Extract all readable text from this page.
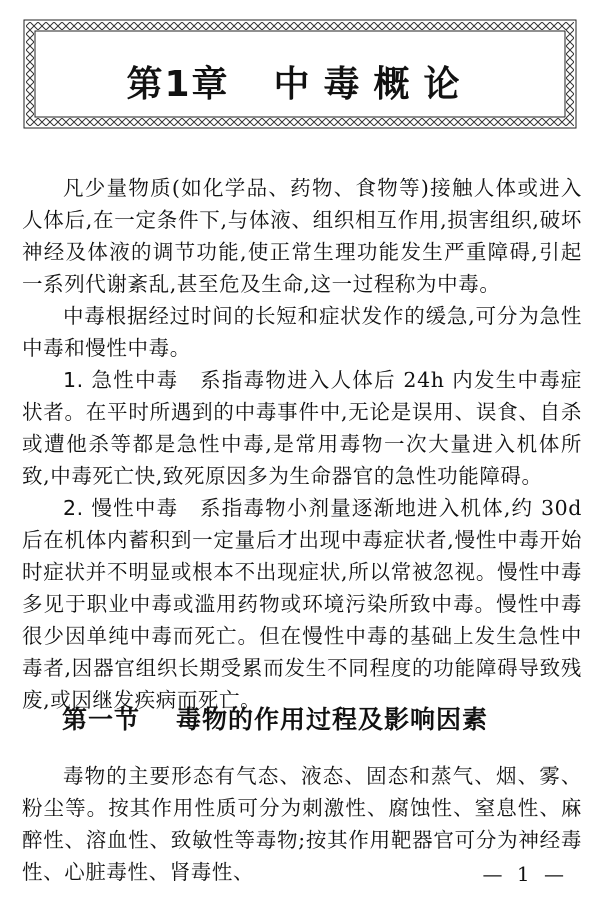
第1章 中毒概论

凡少量物质(如化学品、药物、食物等)接触人体或进入人体后,在一定条件下,与体液、组织相互作用,损害组织,破坏神经及体液的调节功能,使正常生理功能发生严重障碍,引起一系列代谢紊乱,甚至危及生命,这一过程称为中毒。

中毒根据经过时间的长短和症状发作的缓急,可分为急性中毒和慢性中毒。

1. 急性中毒　 系指毒物进入人体后 24h 内发生中毒症状者。在平时所遇到的中毒事件中,无论是误用、误食、自杀或遭他杀等都是急性中毒,是常用毒物一次大量进入机体所致,中毒死亡快,致死原因多为生命器官的急性功能障碍。

2. 慢性中毒　 系指毒物小剂量逐渐地进入机体,约 30d 后在机体内蓄积到一定量后才出现中毒症状者,慢性中毒开始时症状并不明显或根本不出现症状,所以常被忽视。慢性中毒多见于职业中毒或滥用药物或环境污染所致中毒。慢性中毒很少因单纯中毒而死亡。但在慢性中毒的基础上发生急性中毒者,因器官组织长期受累而发生不同程度的功能障碍导致残废,或因继发疾病而死亡。

第一节 毒物的作用过程及影响因素

毒物的主要形态有气态、液态、固态和蒸气、烟、雾、粉尘等。按其作用性质可分为刺激性、腐蚀性、窒息性、麻醉性、溶血性、致敏性等毒物;按其作用靶器官可分为神经毒性、心脏毒性、肾毒性、	— 1 —
